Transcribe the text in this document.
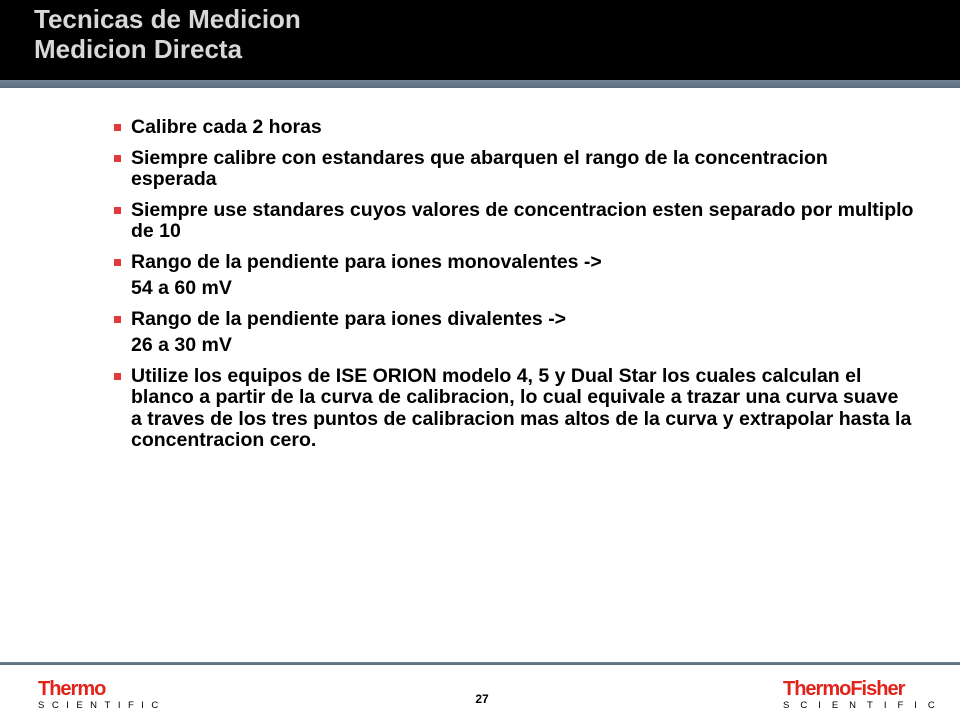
Tecnicas de Medicion
Medicion Directa
Calibre cada 2 horas
Siempre calibre con estandares que abarquen el rango de la concentracion esperada
Siempre use standares cuyos valores de concentracion esten separado por multiplo de 10
Rango de la pendiente para iones monovalentes ->
54 a 60 mV
Rango de la pendiente para iones divalentes ->
26 a 30 mV
Utilize los equipos de ISE ORION modelo 4, 5 y Dual Star los cuales calculan el blanco a partir de la curva de calibracion, lo cual equivale a trazar una curva suave a traves de los tres puntos de calibracion mas altos de la curva y extrapolar hasta la concentracion cero.
Thermo
SCIENTIFIC	27	ThermoFisher
SCIENTIFIC
